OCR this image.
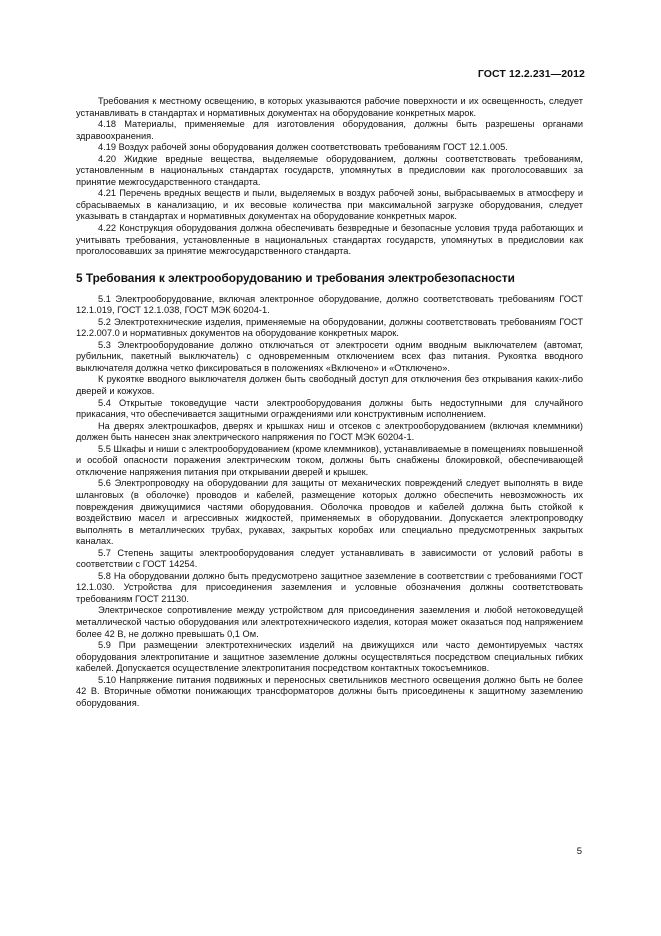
ГОСТ 12.2.231—2012

Требования к местному освещению, в которых указываются рабочие поверхности и их освещенность, следует устанавливать в стандартах и нормативных документах на оборудование конкретных марок.

4.18 Материалы, применяемые для изготовления оборудования, должны быть разрешены органами здравоохранения.

4.19 Воздух рабочей зоны оборудования должен соответствовать требованиям ГОСТ 12.1.005.

4.20 Жидкие вредные вещества, выделяемые оборудованием, должны соответствовать требованиям, установленным в национальных стандартах государств, упомянутых в предисловии как проголосовавших за принятие межгосударственного стандарта.

4.21 Перечень вредных веществ и пыли, выделяемых в воздух рабочей зоны, выбрасываемых в атмосферу и сбрасываемых в канализацию, и их весовые количества при максимальной загрузке оборудования, следует указывать в стандартах и нормативных документах на оборудование конкретных марок.

4.22 Конструкция оборудования должна обеспечивать безвредные и безопасные условия труда работающих и учитывать требования, установленные в национальных стандартах государств, упомянутых в предисловии как проголосовавших за принятие межгосударственного стандарта.

5 Требования к электрооборудованию и требования электробезопасности

5.1 Электрооборудование, включая электронное оборудование, должно соответствовать требованиям ГОСТ 12.1.019, ГОСТ 12.1.038, ГОСТ МЭК 60204-1.

5.2 Электротехнические изделия, применяемые на оборудовании, должны соответствовать требованиям ГОСТ 12.2.007.0 и нормативных документов на оборудование конкретных марок.

5.3 Электрооборудование должно отключаться от электросети одним вводным выключателем (автомат, рубильник, пакетный выключатель) с одновременным отключением всех фаз питания. Рукоятка вводного выключателя должна четко фиксироваться в положениях «Включено» и «Отключено».

К рукоятке вводного выключателя должен быть свободный доступ для отключения без открывания каких-либо дверей и кожухов.

5.4 Открытые токоведущие части электрооборудования должны быть недоступными для случайного прикасания, что обеспечивается защитными ограждениями или конструктивным исполнением.

На дверях электрошкафов, дверях и крышках ниш и отсеков с электрооборудованием (включая клеммники) должен быть нанесен знак электрического напряжения по ГОСТ МЭК 60204-1.

5.5 Шкафы и ниши с электрооборудованием (кроме клеммников), устанавливаемые в помещениях повышенной и особой опасности поражения электрическим током, должны быть снабжены блокировкой, обеспечивающей отключение напряжения питания при открывании дверей и крышек.

5.6 Электропроводку на оборудовании для защиты от механических повреждений следует выполнять в виде шланговых (в оболочке) проводов и кабелей, размещение которых должно обеспечить невозможность их повреждения движущимися частями оборудования. Оболочка проводов и кабелей должна быть стойкой к воздействию масел и агрессивных жидкостей, применяемых в оборудовании. Допускается электропроводку выполнять в металлических трубах, рукавах, закрытых коробах или специально предусмотренных закрытых каналах.

5.7 Степень защиты электрооборудования следует устанавливать в зависимости от условий работы в соответствии с ГОСТ 14254.

5.8 На оборудовании должно быть предусмотрено защитное заземление в соответствии с требованиями ГОСТ 12.1.030. Устройства для присоединения заземления и условные обозначения должны соответствовать требованиям ГОСТ 21130.

Электрическое сопротивление между устройством для присоединения заземления и любой нетоковедущей металлической частью оборудования или электротехнического изделия, которая может оказаться под напряжением более 42 В, не должно превышать 0,1 Ом.

5.9 При размещении электротехнических изделий на движущихся или часто демонтируемых частях оборудования электропитание и защитное заземление должны осуществляться посредством специальных гибких кабелей. Допускается осуществление электропитания посредством контактных токосъемников.

5.10 Напряжение питания подвижных и переносных светильников местного освещения должно быть не более 42 В. Вторичные обмотки понижающих трансформаторов должны быть присоединены к защитному заземлению оборудования.

5
